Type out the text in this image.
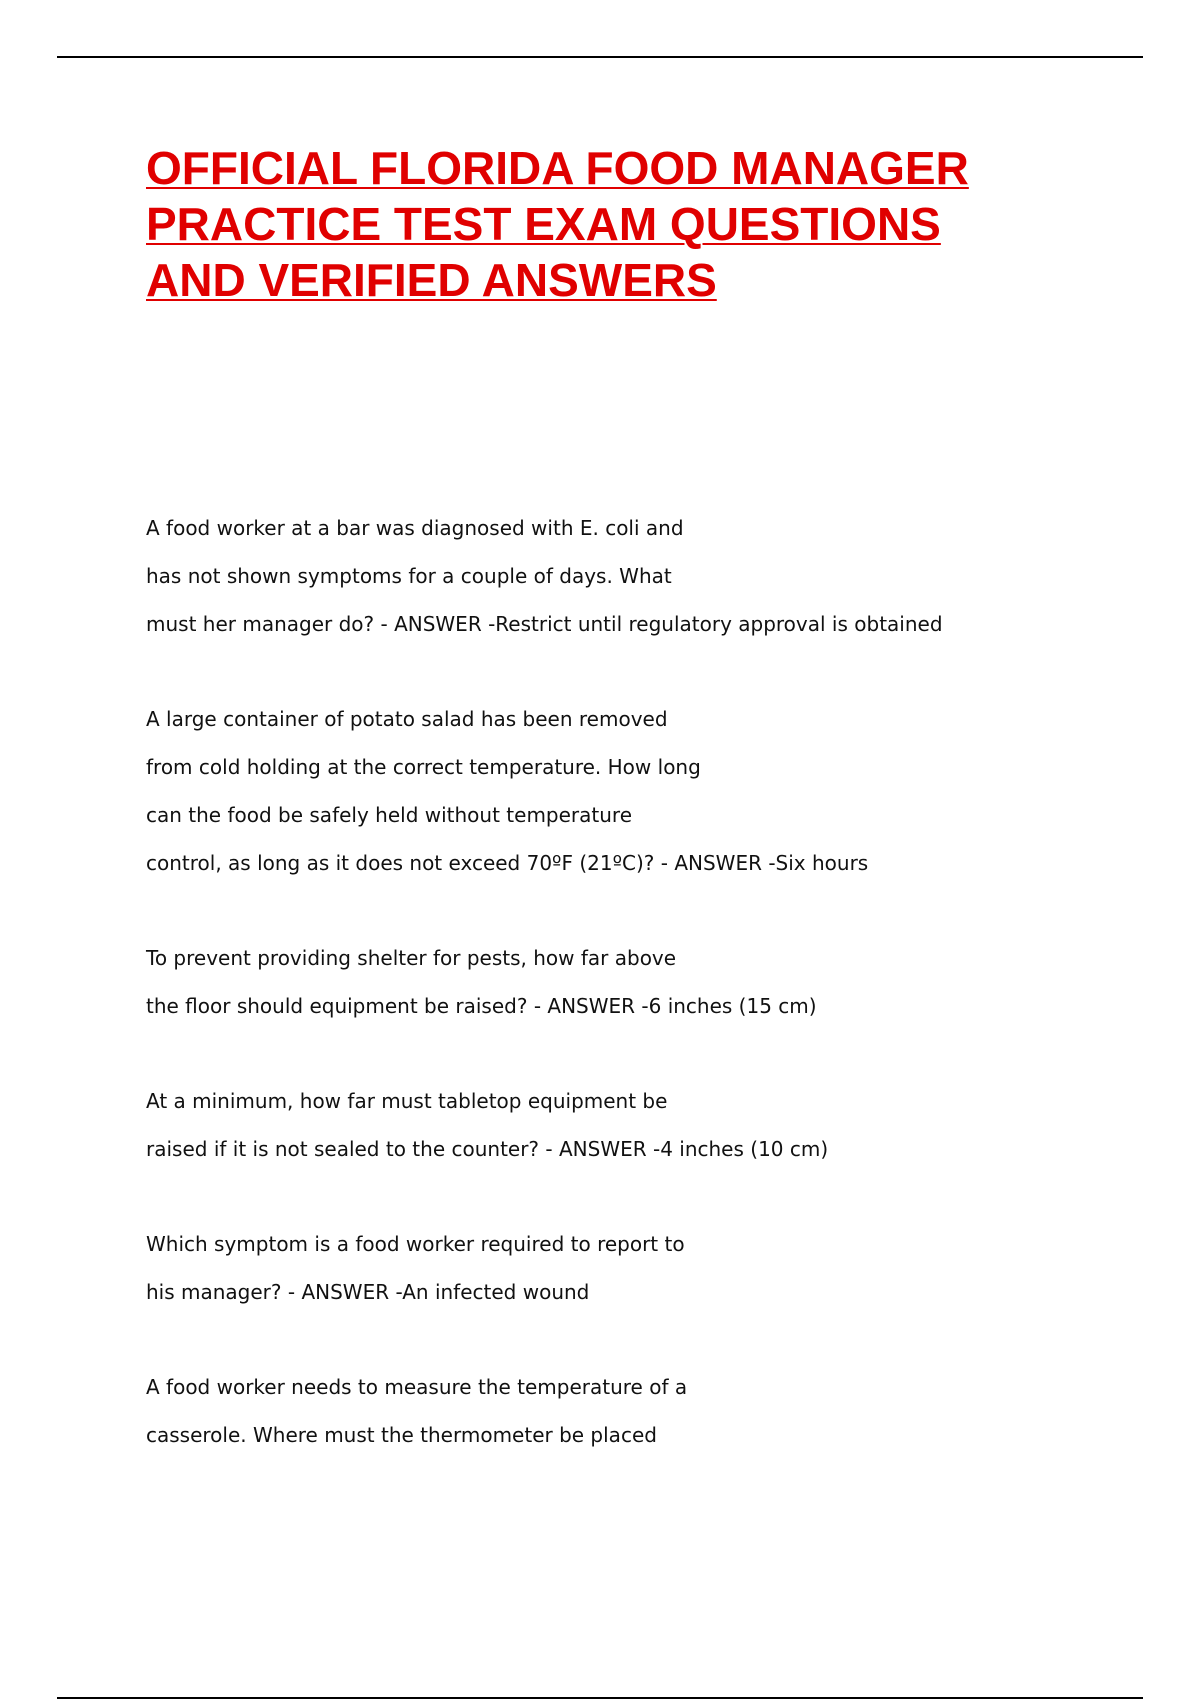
OFFICIAL FLORIDA FOOD MANAGER
PRACTICE TEST EXAM QUESTIONS
AND VERIFIED ANSWERS
A food worker at a bar was diagnosed with E. coli and
has not shown symptoms for a couple of days. What
must her manager do? - ANSWER -Restrict until regulatory approval is obtained
A large container of potato salad has been removed
from cold holding at the correct temperature. How long
can the food be safely held without temperature
control, as long as it does not exceed 70ºF (21ºC)? - ANSWER -Six hours
To prevent providing shelter for pests, how far above
the floor should equipment be raised? - ANSWER -6 inches (15 cm)
At a minimum, how far must tabletop equipment be
raised if it is not sealed to the counter? - ANSWER -4 inches (10 cm)
Which symptom is a food worker required to report to
his manager? - ANSWER -An infected wound
A food worker needs to measure the temperature of a
casserole. Where must the thermometer be placed
